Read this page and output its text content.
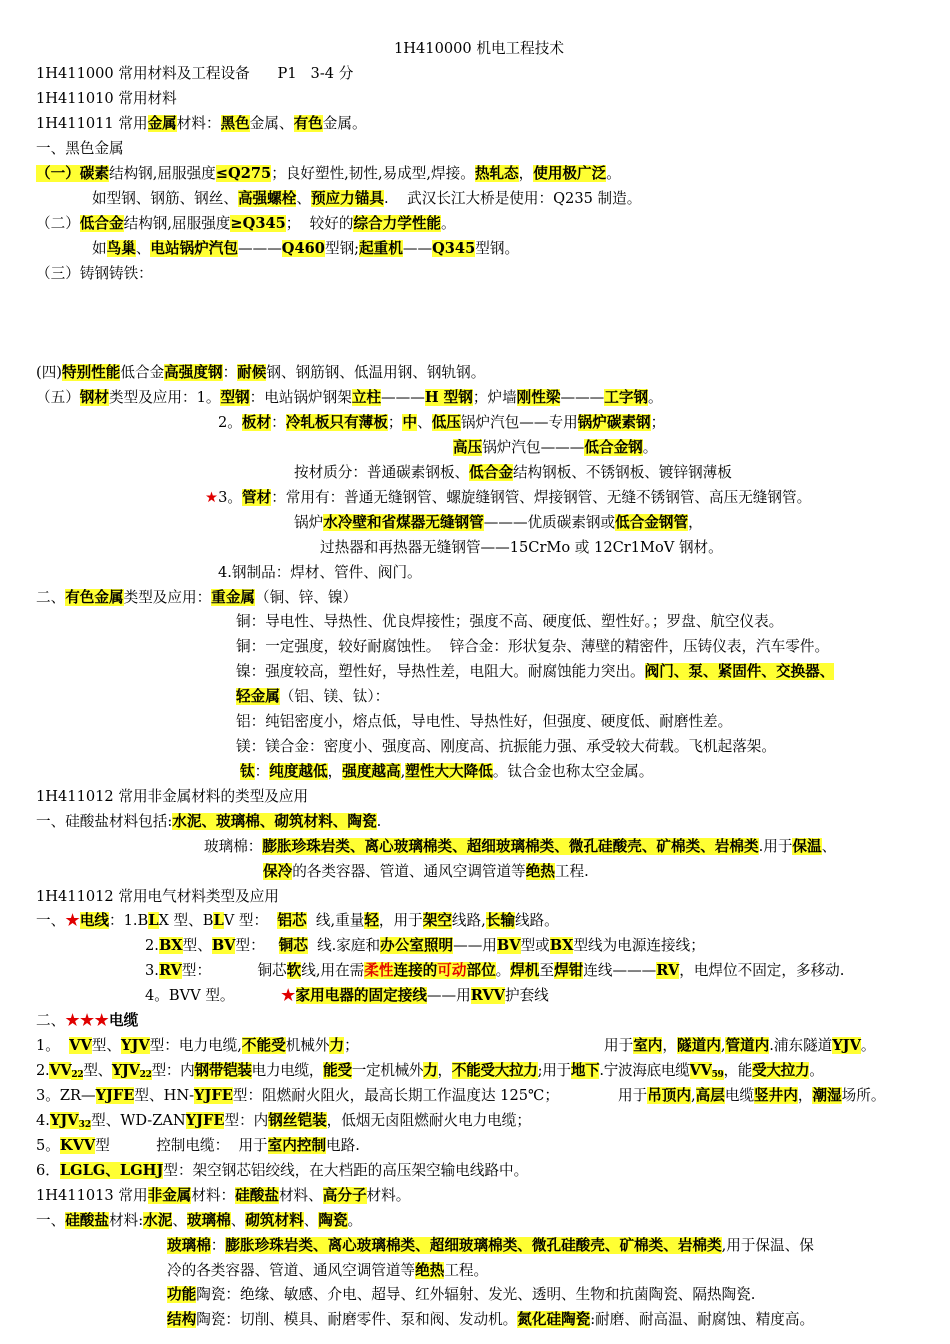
1H410000 机电工程技术
1H411000 常用材料及工程设备      P1   3-4 分
1H411010 常用材料
1H411011 常用金属材料：黑色金属、有色金属。
一、黑色金属
（一）碳素结构钢,屈服强度≤Q275；良好塑性,韧性,易成型,焊接。热轧态，使用极广泛。
如型钢、钢筋、钢丝、高强螺栓、预应力锚具.    武汉长江大桥是使用：Q235 制造。
（二）低合金结构钢,屈服强度≥Q345；  较好的综合力学性能。
如鸟巢、电站锅炉汽包———Q460型钢;起重机——Q345型钢。
（三）铸钢铸铁：
(四)特别性能低合金高强度钢：耐候钢、钢筋钢、低温用钢、钢轨钢。
（五）钢材类型及应用：1。型钢：电站锅炉钢架立柱———H 型钢；炉墙刚性梁———工字钢。
2。板材：冷轧板只有薄板；中、低压锅炉汽包——专用锅炉碳素钢；
高压锅炉汽包———低合金钢。
按材质分：普通碳素钢板、低合金结构钢板、不锈钢板、镀锌钢薄板
★3。管材：常用有：普通无缝钢管、螺旋缝钢管、焊接钢管、无缝不锈钢管、高压无缝钢管。
锅炉水冷壁和省煤器无缝钢管———优质碳素钢或低合金钢管，
过热器和再热器无缝钢管——15CrMo 或 12Cr1MoV 钢材。
4.钢制品：焊材、管件、阀门。
二、有色金属类型及应用：重金属（铜、锌、镍）
铜：导电性、导热性、优良焊接性；强度不高、硬度低、塑性好。；罗盘、航空仪表。
铜：一定强度，较好耐腐蚀性。  锌合金：形状复杂、薄壁的精密件，压铸仪表，汽车零件。
镍：强度较高，塑性好，导热性差，电阻大。耐腐蚀能力突出。阀门、泵、紧固件、交换器、
轻金属（铝、镁、钛）：
铝：纯铝密度小，熔点低，导电性、导热性好，但强度、硬度低、耐磨性差。
镁：镁合金：密度小、强度高、刚度高、抗振能力强、承受较大荷载。飞机起落架。
钛：纯度越低，强度越高,塑性大大降低。钛合金也称太空金属。
1H411012 常用非金属材料的类型及应用
一、硅酸盐材料包括:水泥、玻璃棉、砌筑材料、陶瓷.
玻璃棉：膨胀珍珠岩类、离心玻璃棉类、超细玻璃棉类、微孔硅酸壳、矿棉类、岩棉类.用于保温、
保冷的各类容器、管道、通风空调管道等绝热工程.
1H411012 常用电气材料类型及应用
一、★电线：1.BLX 型、BLV 型：  铝芯  线,重量轻，用于架空线路,长输线路。
2.BX型、BV型：   铜芯  线.家庭和办公室照明——用BV型或BX型线为电源连接线；
3.RV型：          铜芯软线,用在需柔性连接的可动部位。焊机至焊钳连线———RV，电焊位不固定，多移动.
4。BVV 型。          ★家用电器的固定接线——用RVV护套线
二、★★★电缆
1。  VV型、YJV型：电力电缆,不能受机械外力；	用于室内，隧道内,管道内.浦东隧道YJV。
$2.VV_{22}$型、$YJV_{22}$型：内钢带铠装电力电缆，能受一定机械外力，不能受大拉力;用于地下.宁波海底电缆$VV_{59}$，能受大拉力。
3。ZR—YJFE型、HN-YJFE型：阻燃耐火阻火，最高长期工作温度达 125℃；	用于吊顶内,高层电缆竖井内，潮湿场所。
$4.YJV_{32}$型、WD-ZANYJFE型：内钢丝铠装，低烟无卤阻燃耐火电力电缆；
5。KVV型          控制电缆：  用于室内控制电路.
6．LGLG、LGHJ型：架空钢芯铝绞线，在大档距的高压架空输电线路中。
1H411013 常用非金属材料：硅酸盐材料、高分子材料。
一、硅酸盐材料:水泥、玻璃棉、砌筑材料、陶瓷。
玻璃棉：膨胀珍珠岩类、离心玻璃棉类、超细玻璃棉类、微孔硅酸壳、矿棉类、岩棉类,用于保温、保
冷的各类容器、管道、通风空调管道等绝热工程。
功能陶瓷：绝缘、敏感、介电、超导、红外辐射、发光、透明、生物和抗菌陶瓷、隔热陶瓷.
结构陶瓷：切削、模具、耐磨零件、泵和阀、发动机。氮化硅陶瓷:耐磨、耐高温、耐腐蚀、精度高。
